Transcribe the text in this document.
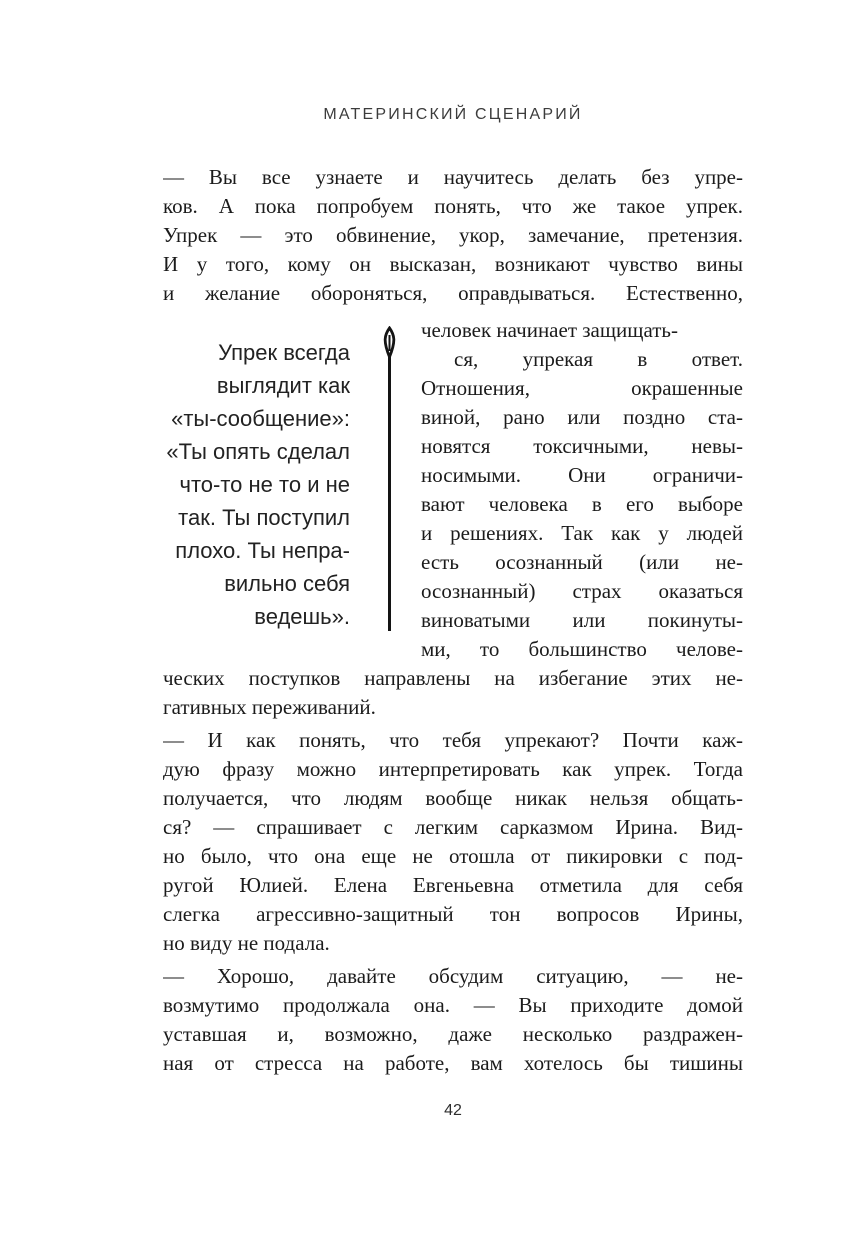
МАТЕРИНСКИЙ СЦЕНАРИЙ
— Вы все узнаете и научитесь делать без упре-
ков. А пока попробуем понять, что же такое упрек.
Упрек — это обвинение, укор, замечание, претензия.
И у того, кому он высказан, возникают чувство вины
и желание обороняться, оправдываться. Естественно,
Упрек всегда
выглядит как
«ты-сообщение»:
«Ты опять сделал
что-то не то и не
так. Ты поступил
плохо. Ты непра-
вильно себя
ведешь».
человек начинает защищать-
ся, упрекая в ответ.
Отношения, окрашенные
виной, рано или поздно ста-
новятся токсичными, невы-
носимыми. Они ограничи-
вают человека в его выборе
и решениях. Так как у людей
есть осознанный (или не-
осознанный) страх оказаться
виноватыми или покинуты-
ми, то большинство челове-
ческих поступков направлены на избегание этих не-
гативных переживаний.
— И как понять, что тебя упрекают? Почти каж-
дую фразу можно интерпретировать как упрек. Тогда
получается, что людям вообще никак нельзя общать-
ся? — спрашивает с легким сарказмом Ирина. Вид-
но было, что она еще не отошла от пикировки с под-
ругой Юлией. Елена Евгеньевна отметила для себя
слегка агрессивно-защитный тон вопросов Ирины,
но виду не подала.
— Хорошо, давайте обсудим ситуацию, — не-
возмутимо продолжала она. — Вы приходите домой
уставшая и, возможно, даже несколько раздражен-
ная от стресса на работе, вам хотелось бы тишины
42
